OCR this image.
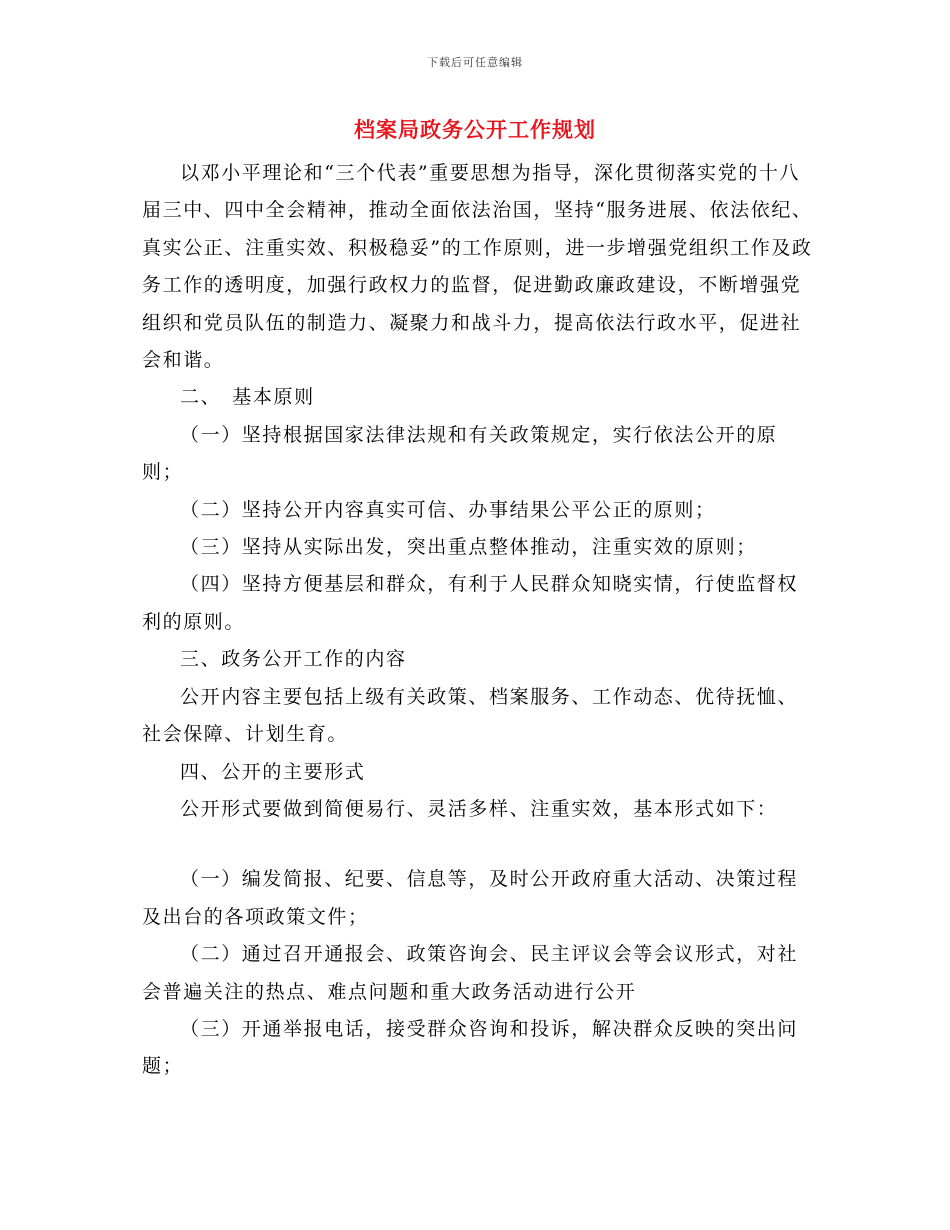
下载后可任意编辑
档案局政务公开工作规划

以邓小平理论和“三个代表”重要思想为指导，深化贯彻落实党的十八届三中、四中全会精神，推动全面依法治国，坚持“服务进展、依法依纪、真实公正、注重实效、积极稳妥”的工作原则，进一步增强党组织工作及政务工作的透明度，加强行政权力的监督，促进勤政廉政建设，不断增强党组织和党员队伍的制造力、凝聚力和战斗力，提高依法行政水平，促进社会和谐。

二、　基本原则

（一）坚持根据国家法律法规和有关政策规定，实行依法公开的原则；

（二）坚持公开内容真实可信、办事结果公平公正的原则；

（三）坚持从实际出发，突出重点整体推动，注重实效的原则；

（四）坚持方便基层和群众，有利于人民群众知晓实情，行使监督权利的原则。

三、政务公开工作的内容

公开内容主要包括上级有关政策、档案服务、工作动态、优待抚恤、社会保障、计划生育。

四、公开的主要形式

公开形式要做到简便易行、灵活多样、注重实效，基本形式如下：

（一）编发简报、纪要、信息等，及时公开政府重大活动、决策过程及出台的各项政策文件；

（二）通过召开通报会、政策咨询会、民主评议会等会议形式，对社会普遍关注的热点、难点问题和重大政务活动进行公开

（三）开通举报电话，接受群众咨询和投诉，解决群众反映的突出问题；
